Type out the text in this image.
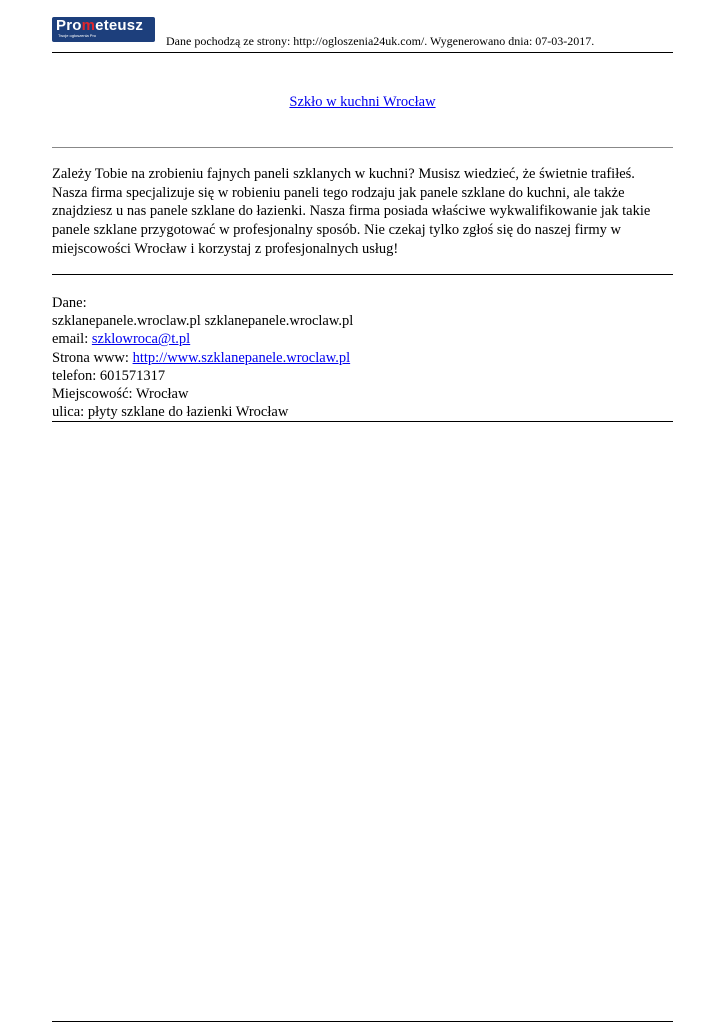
Prometeusz
Twoje ogłoszenia Pro	Dane pochodzą ze strony: http://ogloszenia24uk.com/. Wygenerowano dnia: 07-03-2017.
Szkło w kuchni Wrocław
Zależy Tobie na zrobieniu fajnych paneli szklanych w kuchni? Musisz wiedzieć, że świetnie trafiłeś. Nasza firma specjalizuje się w robieniu paneli tego rodzaju jak panele szklane do kuchni, ale także znajdziesz u nas panele szklane do łazienki. Nasza firma posiada właściwe wykwalifikowanie jak takie panele szklane przygotować w profesjonalny sposób. Nie czekaj tylko zgłoś się do naszej firmy w miejscowości Wrocław i korzystaj z profesjonalnych usług!
Dane:
szklanepanele.wroclaw.pl szklanepanele.wroclaw.pl
email: szklowroca@t.pl
Strona www: http://www.szklanepanele.wroclaw.pl
telefon: 601571317
Miejscowość: Wrocław
ulica: płyty szklane do łazienki Wrocław
